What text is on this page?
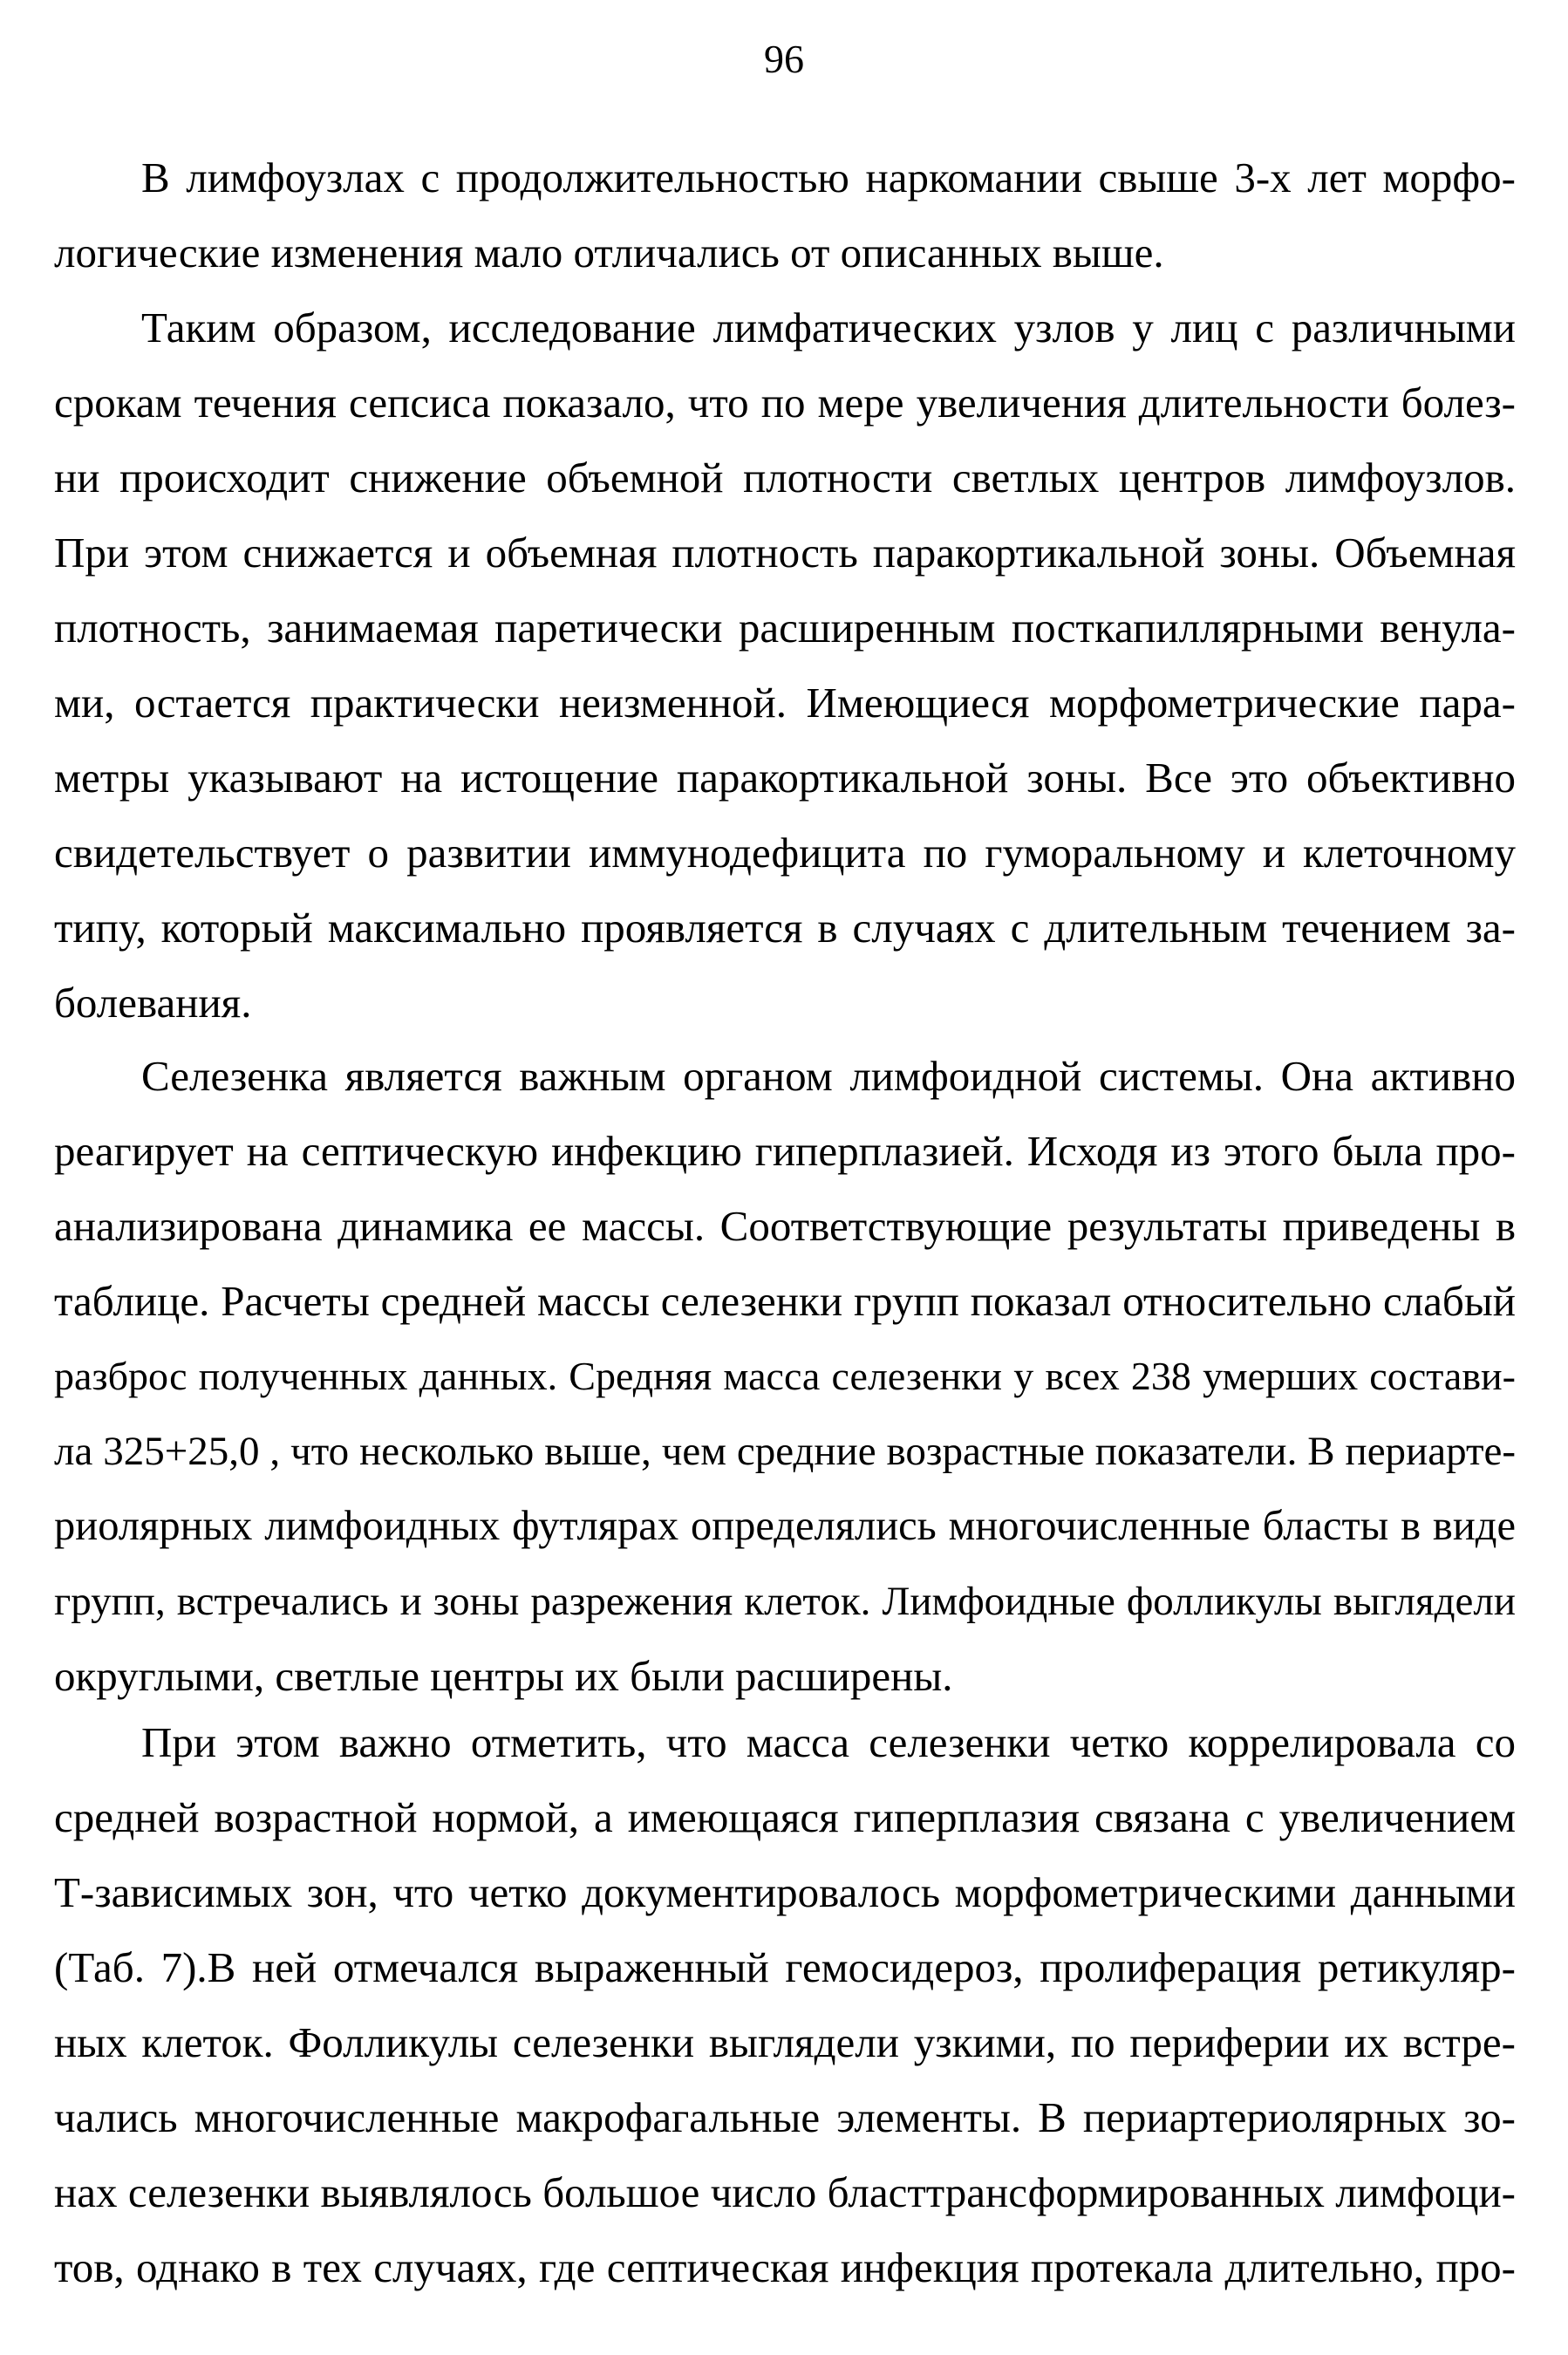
96
В лимфоузлах с продолжительностью наркомании свыше 3-х лет морфо-
логические изменения мало отличались от описанных выше.
Таким образом, исследование лимфатических узлов у лиц с различными
срокам течения сепсиса показало, что по мере увеличения длительности болез-
ни происходит снижение объемной плотности светлых центров лимфоузлов.
При этом снижается и объемная плотность паракортикальной зоны. Объемная
плотность, занимаемая паретически расширенным посткапиллярными венула-
ми, остается практически неизменной. Имеющиеся морфометрические пара-
метры указывают на истощение паракортикальной зоны. Все это объективно
свидетельствует о развитии иммунодефицита по гуморальному и клеточному
типу, который максимально проявляется в случаях с длительным течением за-
болевания.
Селезенка является важным органом лимфоидной системы. Она активно
реагирует на септическую инфекцию гиперплазией. Исходя из этого была про-
анализирована динамика ее массы. Соответствующие результаты приведены в
таблице. Расчеты средней массы селезенки групп показал относительно слабый
разброс полученных данных. Средняя масса селезенки у всех 238 умерших состави-
ла 325+25,0 , что несколько выше, чем средние возрастные показатели. В периарте-
риолярных лимфоидных футлярах определялись многочисленные бласты в виде
групп, встречались и зоны разрежения клеток. Лимфоидные фолликулы выглядели
округлыми, светлые центры их были расширены.
При этом важно отметить, что масса селезенки четко коррелировала со
средней возрастной нормой, а имеющаяся гиперплазия связана с увеличением
Т-зависимых зон, что четко документировалось морфометрическими данными
(Таб. 7).В ней отмечался выраженный гемосидероз, пролиферация ретикуляр-
ных клеток. Фолликулы селезенки выглядели узкими, по периферии их встре-
чались многочисленные макрофагальные элементы. В периартериолярных зо-
нах селезенки выявлялось большое число бласттрансформированных лимфоци-
тов, однако в тех случаях, где септическая инфекция протекала длительно, про-
